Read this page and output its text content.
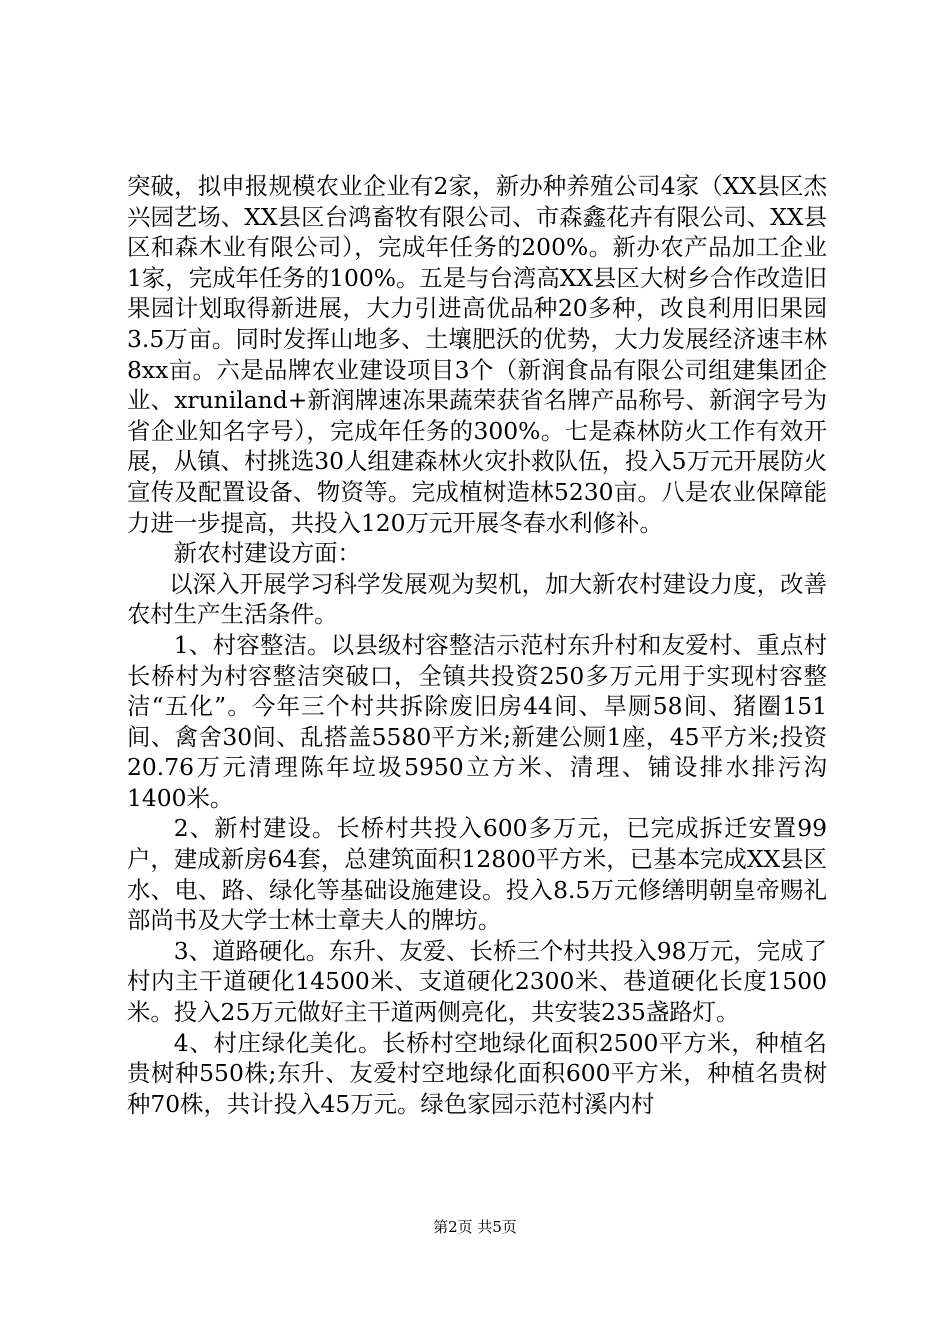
突破，拟申报规模农业企业有2家，新办种养殖公司4家（XX县区杰兴园艺场、XX县区台鸿畜牧有限公司、市森鑫花卉有限公司、XX县区和森木业有限公司），完成年任务的200%。新办农产品加工企业1家，完成年任务的100%。五是与台湾高XX县区大树乡合作改造旧果园计划取得新进展，大力引进高优品种20多种，改良利用旧果园3.5万亩。同时发挥山地多、土壤肥沃的优势，大力发展经济速丰林8xx亩。六是品牌农业建设项目3个（新润食品有限公司组建集团企业、xruniland+新润牌速冻果蔬荣获省名牌产品称号、新润字号为省企业知名字号），完成年任务的300%。七是森林防火工作有效开展，从镇、村挑选30人组建森林火灾扑救队伍，投入5万元开展防火宣传及配置设备、物资等。完成植树造林5230亩。八是农业保障能力进一步提高，共投入120万元开展冬春水利修补。

新农村建设方面：

以深入开展学习科学发展观为契机，加大新农村建设力度，改善农村生产生活条件。

1、村容整洁。以县级村容整洁示范村东升村和友爱村、重点村长桥村为村容整洁突破口，全镇共投资250多万元用于实现村容整洁“五化”。今年三个村共拆除废旧房44间、旱厕58间、猪圈151间、禽舍30间、乱搭盖5580平方米;新建公厕1座，45平方米;投资20.76万元清理陈年垃圾5950立方米、清理、铺设排水排污沟1400米。

2、新村建设。长桥村共投入600多万元，已完成拆迁安置99户，建成新房64套，总建筑面积12800平方米，已基本完成XX县区水、电、路、绿化等基础设施建设。投入8.5万元修缮明朝皇帝赐礼部尚书及大学士林士章夫人的牌坊。

3、道路硬化。东升、友爱、长桥三个村共投入98万元，完成了村内主干道硬化14500米、支道硬化2300米、巷道硬化长度1500米。投入25万元做好主干道两侧亮化，共安装235盏路灯。

4、村庄绿化美化。长桥村空地绿化面积2500平方米，种植名贵树种550株;东升、友爱村空地绿化面积600平方米，种植名贵树种70株，共计投入45万元。绿色家园示范村溪内村

第2页 共5页
